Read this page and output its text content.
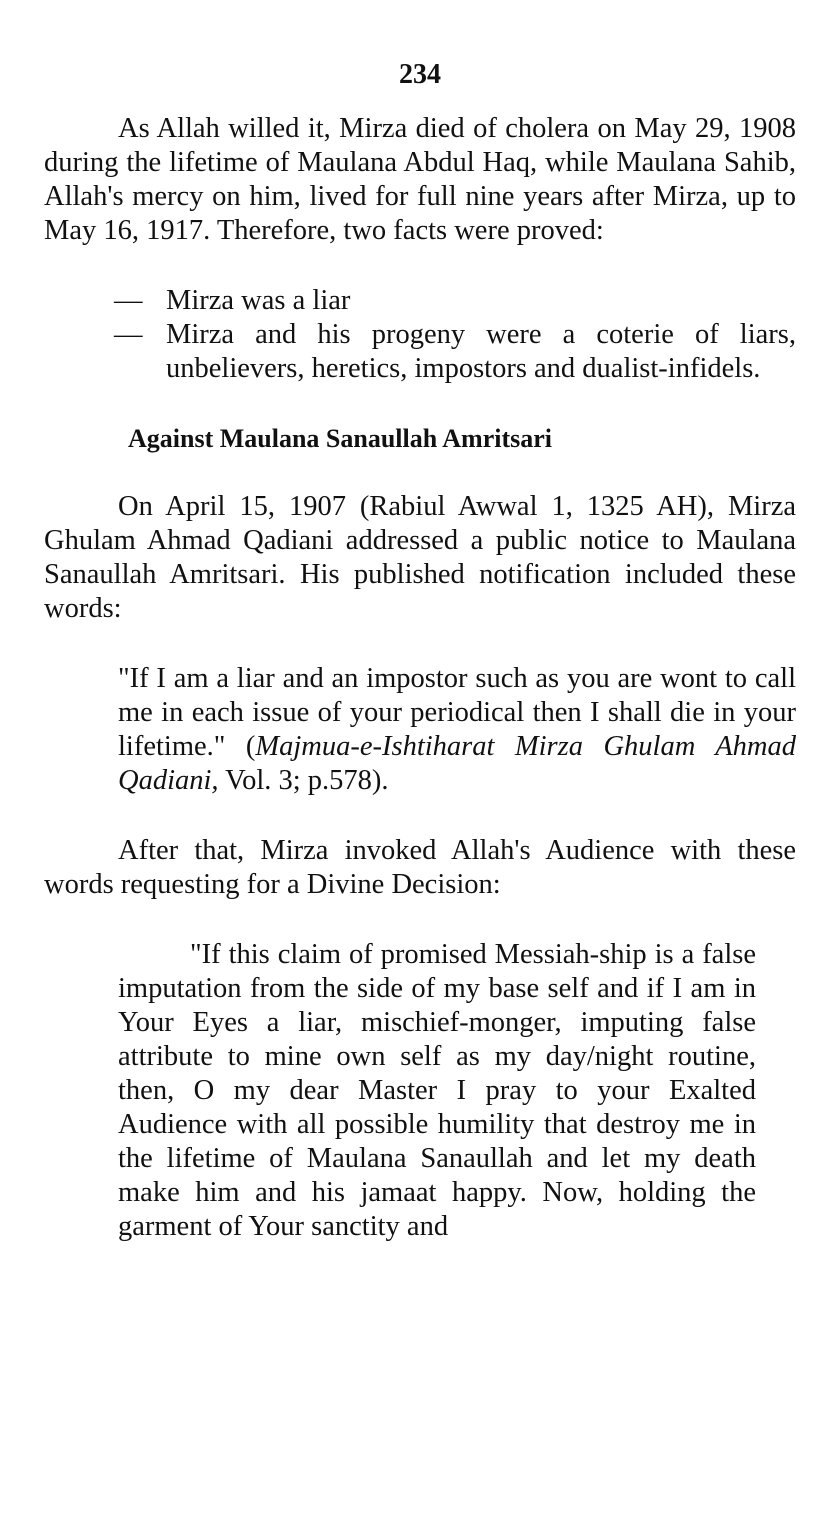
234

As Allah willed it, Mirza died of cholera on May 29, 1908 during the lifetime of Maulana Abdul Haq, while Maulana Sahib, Allah's mercy on him, lived for full nine years after Mirza, up to May 16, 1917. Therefore, two facts were proved:

— Mirza was a liar
— Mirza and his progeny were a coterie of liars, unbelievers, heretics, impostors and dualist-infidels.
Against Maulana Sanaullah Amritsari

On April 15, 1907 (Rabiul Awwal 1, 1325 AH), Mirza Ghulam Ahmad Qadiani addressed a public notice to Maulana Sanaullah Amritsari. His published notification included these words:

"If I am a liar and an impostor such as you are wont to call me in each issue of your periodical then I shall die in your lifetime." (Majmua-e-Ishtiharat Mirza Ghulam Ahmad Qadiani, Vol. 3; p.578).

After that, Mirza invoked Allah's Audience with these words requesting for a Divine Decision:

"If this claim of promised Messiah-ship is a false imputation from the side of my base self and if I am in Your Eyes a liar, mischief-monger, imputing false attribute to mine own self as my day/night routine, then, O my dear Master I pray to your Exalted Audience with all possible humility that destroy me in the lifetime of Maulana Sanaullah and let my death make him and his jamaat happy. Now, holding the garment of Your sanctity and
